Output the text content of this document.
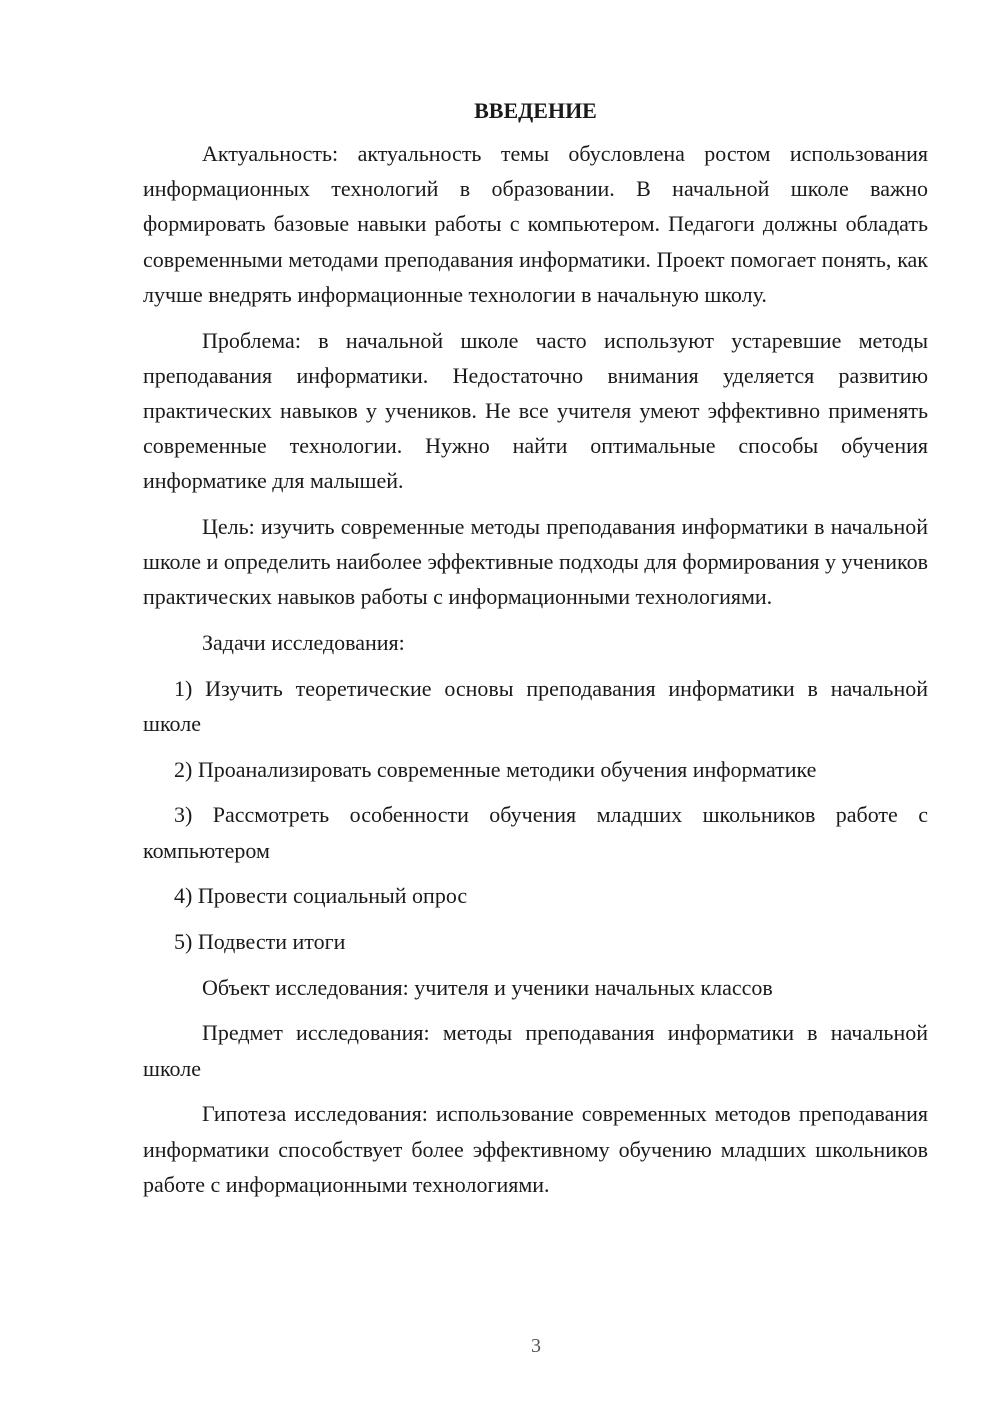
ВВЕДЕНИЕ

Актуальность: актуальность темы обусловлена ростом использования информационных технологий в образовании. В начальной школе важно формировать базовые навыки работы с компьютером. Педагоги должны обладать современными методами преподавания информатики. Проект помогает понять, как лучше внедрять информационные технологии в начальную школу.

Проблема: в начальной школе часто используют устаревшие методы преподавания информатики. Недостаточно внимания уделяется развитию практических навыков у учеников. Не все учителя умеют эффективно применять современные технологии. Нужно найти оптимальные способы обучения информатике для малышей.

Цель: изучить современные методы преподавания информатики в начальной школе и определить наиболее эффективные подходы для формирования у учеников практических навыков работы с информационными технологиями.

Задачи исследования:

1) Изучить теоретические основы преподавания информатики в начальной школе

2) Проанализировать современные методики обучения информатике

3) Рассмотреть особенности обучения младших школьников работе с компьютером

4) Провести социальный опрос

5) Подвести итоги

Объект исследования: учителя и ученики начальных классов

Предмет исследования: методы преподавания информатики в начальной школе

Гипотеза исследования: использование современных методов преподавания информатики способствует более эффективному обучению младших школьников работе с информационными технологиями.

3
